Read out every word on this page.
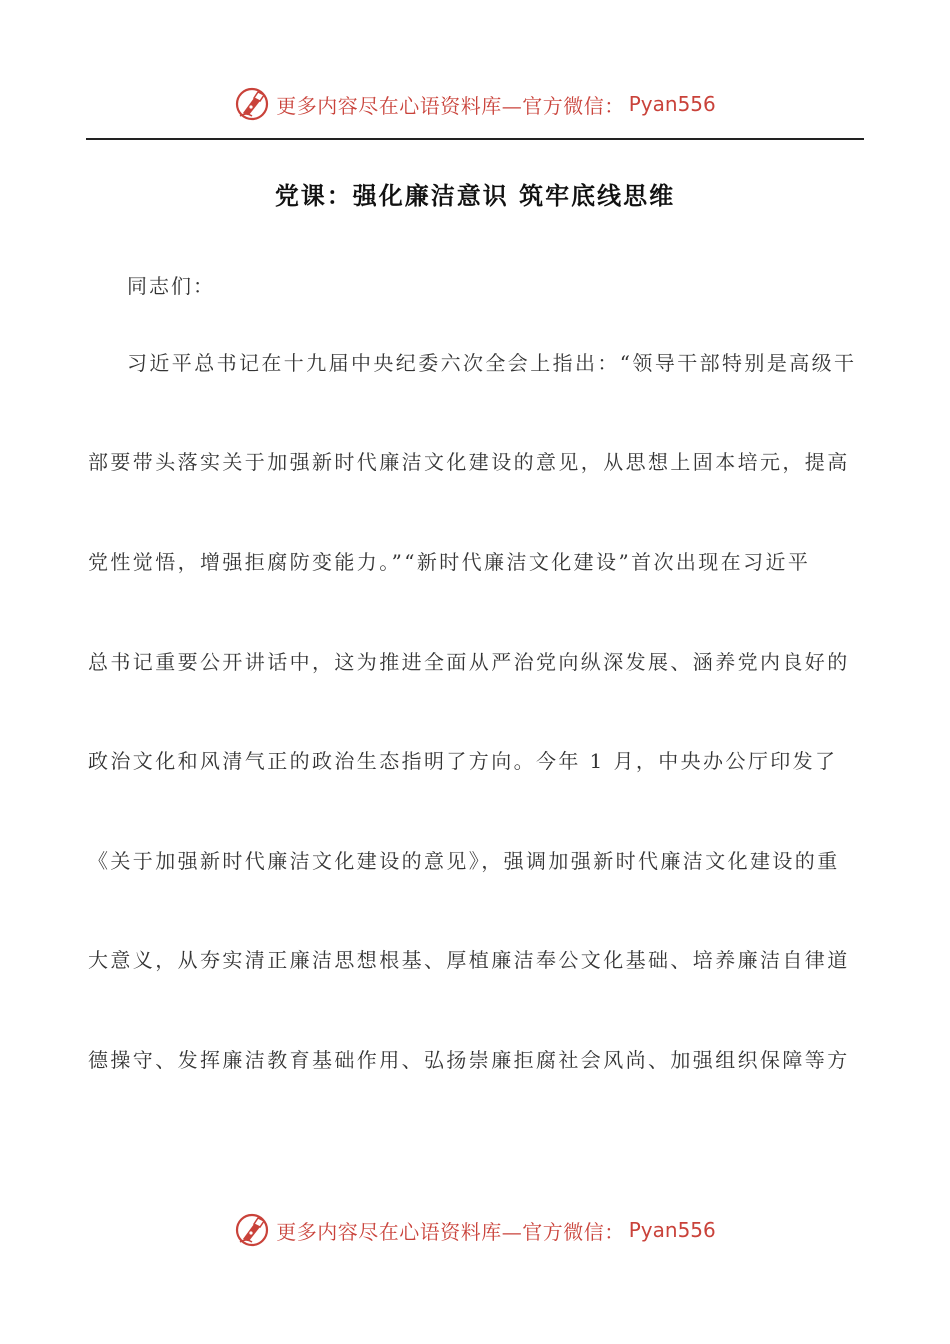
更多内容尽在心语资料库—官方微信： Pyan556
党课：强化廉洁意识 筑牢底线思维
同志们：
习近平总书记在十九届中央纪委六次全会上指出：“领导干部特别是高级干
部要带头落实关于加强新时代廉洁文化建设的意见，从思想上固本培元，提高
党性觉悟，增强拒腐防变能力。”“新时代廉洁文化建设”首次出现在习近平
总书记重要公开讲话中，这为推进全面从严治党向纵深发展、涵养党内良好的
政治文化和风清气正的政治生态指明了方向。今年 1 月，中央办公厅印发了
《关于加强新时代廉洁文化建设的意见》，强调加强新时代廉洁文化建设的重
大意义，从夯实清正廉洁思想根基、厚植廉洁奉公文化基础、培养廉洁自律道
德操守、发挥廉洁教育基础作用、弘扬崇廉拒腐社会风尚、加强组织保障等方
更多内容尽在心语资料库—官方微信： Pyan556
